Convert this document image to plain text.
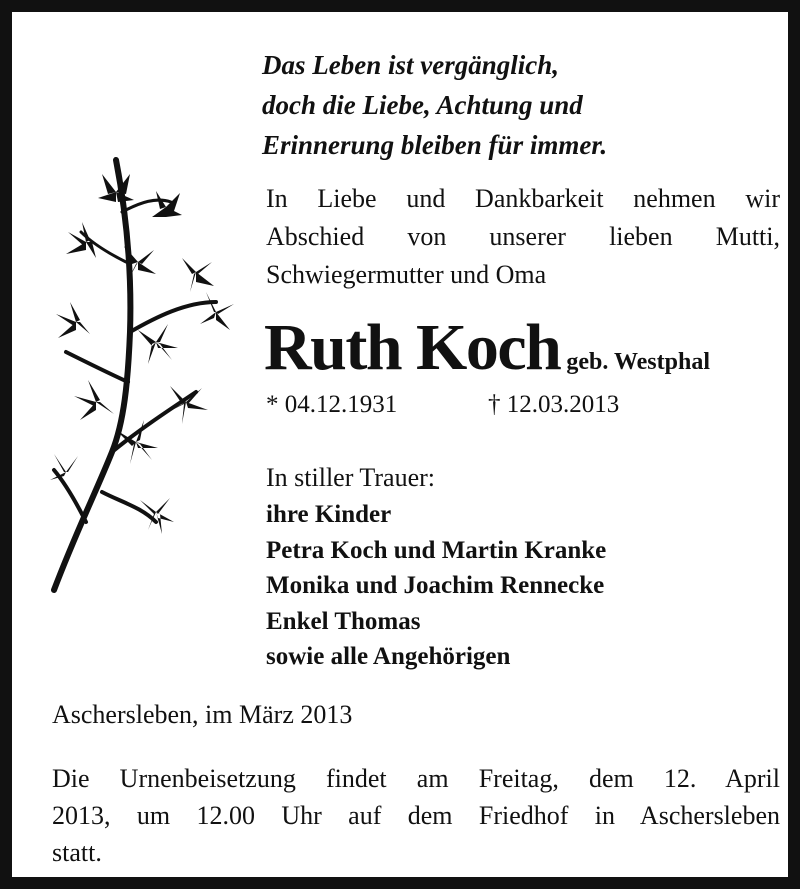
Das Leben ist vergänglich,
doch die Liebe, Achtung und
Erinnerung bleiben für immer.
In Liebe und Dankbarkeit nehmen wir
Abschied von unserer lieben Mutti,
Schwiegermutter und Oma
Ruth Koch geb. Westphal
* 04.12.1931	† 12.03.2013
In stiller Trauer:
ihre Kinder
Petra Koch und Martin Kranke
Monika und Joachim Rennecke
Enkel Thomas
sowie alle Angehörigen
Aschersleben, im März 2013
Die Urnenbeisetzung findet am Freitag, dem 12. April
2013, um 12.00 Uhr auf dem Friedhof in Aschersleben
statt.
